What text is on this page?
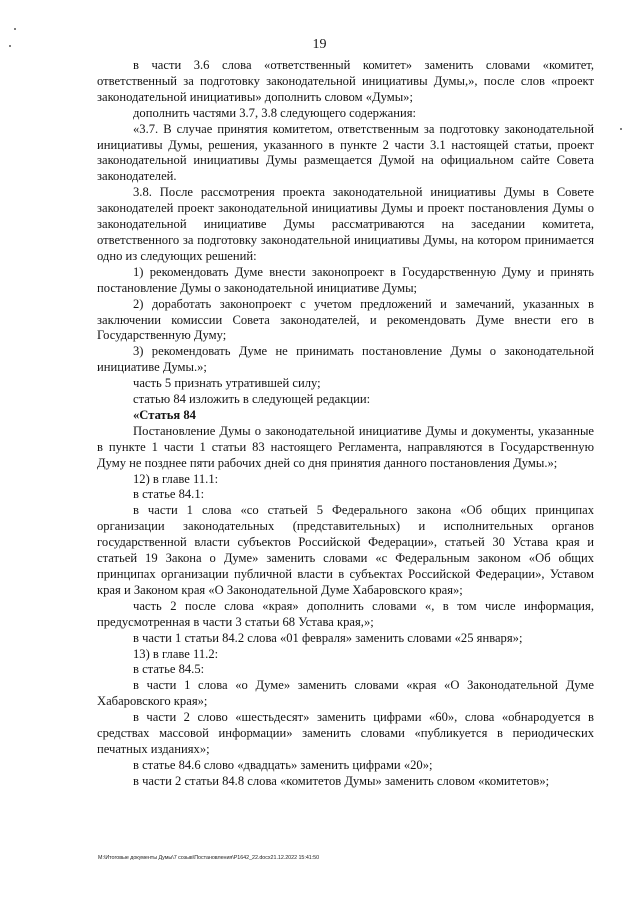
19

в части 3.6 слова «ответственный комитет» заменить словами «комитет, ответственный за подготовку законодательной инициативы Думы,», после слов «проект законодательной инициативы» дополнить словом «Думы»;

дополнить частями 3.7, 3.8 следующего содержания:

«3.7. В случае принятия комитетом, ответственным за подготовку законодательной инициативы Думы, решения, указанного в пункте 2 части 3.1 настоящей статьи, проект законодательной инициативы Думы размещается Думой на официальном сайте Совета законодателей.

3.8. После рассмотрения проекта законодательной инициативы Думы в Совете законодателей проект законодательной инициативы Думы и проект постановления Думы о законодательной инициативе Думы рассматриваются на заседании комитета, ответственного за подготовку законодательной инициативы Думы, на котором принимается одно из следующих решений:

1) рекомендовать Думе внести законопроект в Государственную Думу и принять постановление Думы о законодательной инициативе Думы;

2) доработать законопроект с учетом предложений и замечаний, указанных в заключении комиссии Совета законодателей, и рекомендовать Думе внести его в Государственную Думу;

3) рекомендовать Думе не принимать постановление Думы о законодательной инициативе Думы.»;

часть 5 признать утратившей силу;

статью 84 изложить в следующей редакции:

«Статья 84

Постановление Думы о законодательной инициативе Думы и документы, указанные в пункте 1 части 1 статьи 83 настоящего Регламента, направляются в Государственную Думу не позднее пяти рабочих дней со дня принятия данного постановления Думы.»;

12) в главе 11.1:

в статье 84.1:

в части 1 слова «со статьей 5 Федерального закона «Об общих принципах организации законодательных (представительных) и исполнительных органов государственной власти субъектов Российской Федерации», статьей 30 Устава края и статьей 19 Закона о Думе» заменить словами «с Федеральным законом «Об общих принципах организации публичной власти в субъектах Российской Федерации», Уставом края и Законом края «О Законодательной Думе Хабаровского края»;

часть 2 после слова «края» дополнить словами «, в том числе информация, предусмотренная в части 3 статьи 68 Устава края,»;

в части 1 статьи 84.2 слова «01 февраля» заменить словами «25 января»;

13) в главе 11.2:

в статье 84.5:

в части 1 слова «о Думе» заменить словами «края «О Законодательной Думе Хабаровского края»;

в части 2 слово «шестьдесят» заменить цифрами «60», слова «обнародуется в средствах массовой информации» заменить словами «публикуется в периодических печатных изданиях»;

в статье 84.6 слово «двадцать» заменить цифрами «20»;

в части 2 статьи 84.8 слова «комитетов Думы» заменить словом «комитетов»;

M:\Итоговые документы Думы\7 созыв\Постановления\Р1642_22.docx21.12.2022 15:41:50
